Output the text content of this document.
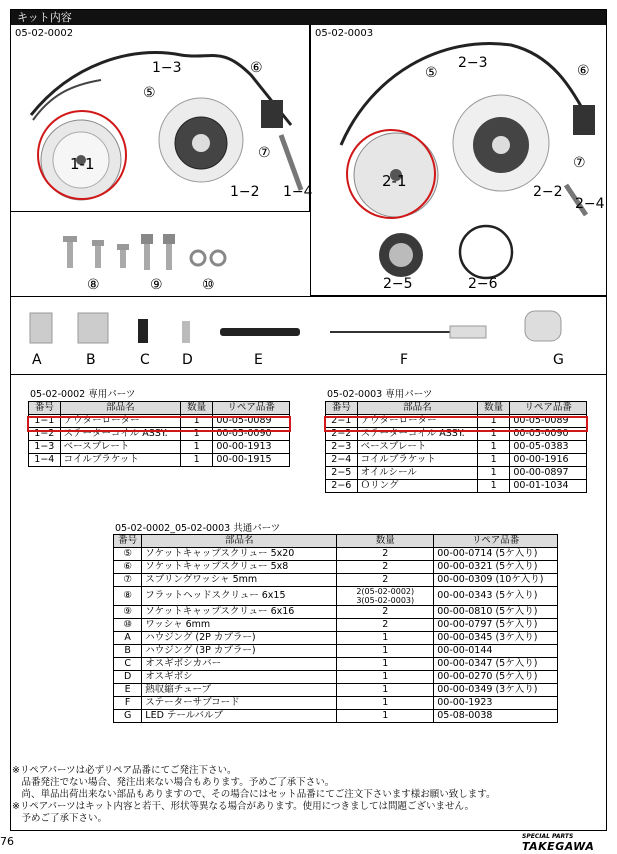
キット内容
05-02-0002
1−3
⑤
⑥
⑦
1-1
1−2 1−4
05-02-0003
⑤
2−3	⑥
⑦
2-1
2−2
2−4
⑧	⑨	⑩	2−5	2−6
A	B	C D	E	F	G
05-02-0002 専用パーツ
番号	部品名	数量	リペア品番
1−1	アウターローター	1	00-05-0089
1−2	ステーターコイル ASSY.	1	00-05-0090
1−3	ベースプレート	1	00-00-1913
1−4	コイルブラケット	1	00-00-1915
05-02-0003 専用パーツ
番号	部品名	数量	リペア品番
2−1	アウターローター	1	00-05-0089
2−2	ステーターコイル ASSY.	1	00-05-0090
2−3	ベースプレート	1	00-05-0383
2−4	コイルブラケット	1	00-00-1916
2−5	オイルシール	1	00-00-0897
2−6	Ｏリング	1	00-01-1034
05-02-0002_05-02-0003 共通パーツ
番号	部品名	数量	リペア品番
⑤	ソケットキャップスクリュー 5x20	2	00-00-0714 (5ケ入り)
⑥	ソケットキャップスクリュー 5x8	2	00-00-0321 (5ケ入り)
⑦	スプリングワッシャ 5mm	2	00-00-0309 (10ケ入り)
⑧	フラットヘッドスクリュー 6x15	2(05-02-0002)
3(05-02-0003)	00-00-0343 (5ケ入り)
⑨	ソケットキャップスクリュー 6x16	2	00-00-0810 (5ケ入り)
⑩	ワッシャ 6mm	2	00-00-0797 (5ケ入り)
A	ハウジング (2P カプラー)	1	00-00-0345 (3ケ入り)
B	ハウジング (3P カプラー)	1	00-00-0144
C	オスギボシカバー	1	00-00-0347 (5ケ入り)
D	オスギボシ	1	00-00-0270 (5ケ入り)
E	熱収縮チューブ	1	00-00-0349 (3ケ入り)
F	ステーターサブコード	1	00-00-1923
G	LED テールバルブ	1	05-08-0038
※リペアパーツは必ずリペア品番にてご発注下さい。
　品番発注でない場合、発注出来ない場合もあります。予めご了承下さい。
　尚、単品出荷出来ない部品もありますので、その場合にはセット品番にてご注文下さいます様お願い致します。
※リペアパーツはキット内容と若干、形状等異なる場合があります。使用につきましては問題ございません。
　予めご了承下さい。
76	SPECIAL PARTS
TAKEGAWA
